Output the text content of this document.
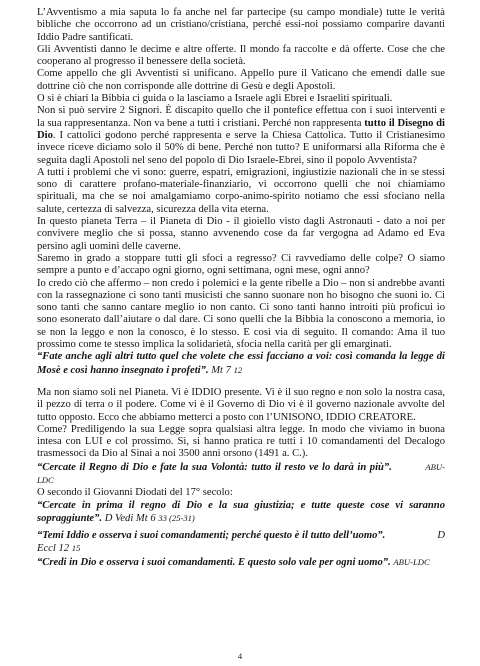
L’Avventismo a mia saputa lo fa anche nel far partecipe (su campo mondiale) tutte le verità bibliche che occorrono ad un cristiano/cristiana, perché essi-noi possiamo comparire davanti Iddio Padre santificati.

Gli Avventisti danno le decime e altre offerte. Il mondo fa raccolte e dà offerte. Cose che che cooperano al progresso il benessere della società.

Come appello che gli Avventisti si unificano. Appello pure il Vaticano che emendi dalle sue dottrine ciò che non corrisponde alle dottrine di Gesù e degli Apostoli.

O si è chiari la Bibbia ci guida o la lasciamo a Israele agli Ebrei e Israeliti spirituali.

Non si può servire 2 Signori. È discapito quello che il pontefice effettua con i suoi interventi e la sua rappresentanza. Non va bene a tutti i cristiani. Perché non rappresenta tutto il Disegno di Dio. I cattolici godono perché rappresenta e serve la Chiesa Cattolica. Tutto il Cristianesimo invece riceve diciamo solo il 50% di bene. Perché non tutto? E uniformarsi alla Riforma che è seguita dagli Apostoli nel seno del popolo di Dio Israele-Ebrei, sino il popolo Avventista?

A tutti i problemi che vi sono: guerre, espatri, emigrazioni, ingiustizie nazionali che in se stessi sono di carattere profano-materiale-finanziario, vi occorrono quelli che noi chiamiamo spirituali, ma che se noi amalgamiamo corpo-animo-spirito notiamo che essi sfociano nella salute, certezza di salvezza, sicurezza della vita eterna.

In questo pianeta Terra – il Pianeta di Dio - il gioiello visto dagli Astronauti - dato a noi per convivere meglio che si possa, stanno avvenendo cose da far vergogna ad Adamo ed Eva persino agli uomini delle caverne.

Saremo in grado a stoppare tutti gli sfoci a regresso? Ci ravvediamo delle colpe? O siamo sempre a punto e d’accapo ogni giorno, ogni settimana, ogni mese, ogni anno?

Io credo ciò che affermo – non credo i polemici e la gente ribelle a Dio – non si andrebbe avanti con la rassegnazione ci sono tanti musicisti che sanno suonare non ho bisogno che suoni io. Ci sono tanti che sanno cantare meglio io non canto. Ci sono tanti hanno introiti più proficui io sono esonerato dall’aiutare o dal dare. Ci sono quelli che la Bibbia la conoscono a memoria, io se non la leggo e non la conosco, è lo stesso. E così via di seguito. Il comando: Ama il tuo prossimo come te stesso implica la solidarietà, sfocia nella carità per gli emarginati.

“Fate anche agli altri tutto quel che volete che essi facciano a voi: così comanda la legge di Mosè e così hanno insegnato i profeti”. Mt 7 12

Ma non siamo soli nel Pianeta. Vi è IDDIO presente. Vi è il suo regno e non solo la nostra casa, il pezzo di terra o il podere. Come vi è il Governo di Dio vi è il governo nazionale avvolte del tutto opposto. Ecco che abbiamo metterci a posto con l’UNISONO, IDDIO CREATORE.

Come? Prediligendo la sua Legge sopra qualsiasi altra legge. In modo che viviamo in buona intesa con LUI e col prossimo. Sì, si hanno pratica re tutti i 10 comandamenti del Decalogo trasmessoci da Dio al Sinai a noi 3500 anni orsono (1491 a. C.).

“Cercate il Regno di Dio e fate la sua Volontà: tutto il resto ve lo darà in più”.	ABU-LDC

O secondo il Giovanni Diodati del 17° secolo:

“Cercate in prima il regno di Dio e la sua giustizia; e tutte queste cose vi saranno sopraggiunte”. D Vedi Mt 6 33 (25-31)

“Temi Iddio e osserva i suoi comandamenti; perché questo è il tutto dell’uomo”.	D

Eccl 12 15

“Credi in Dio e osserva i suoi comandamenti. E questo solo vale per ogni uomo”. ABU-LDC

4
